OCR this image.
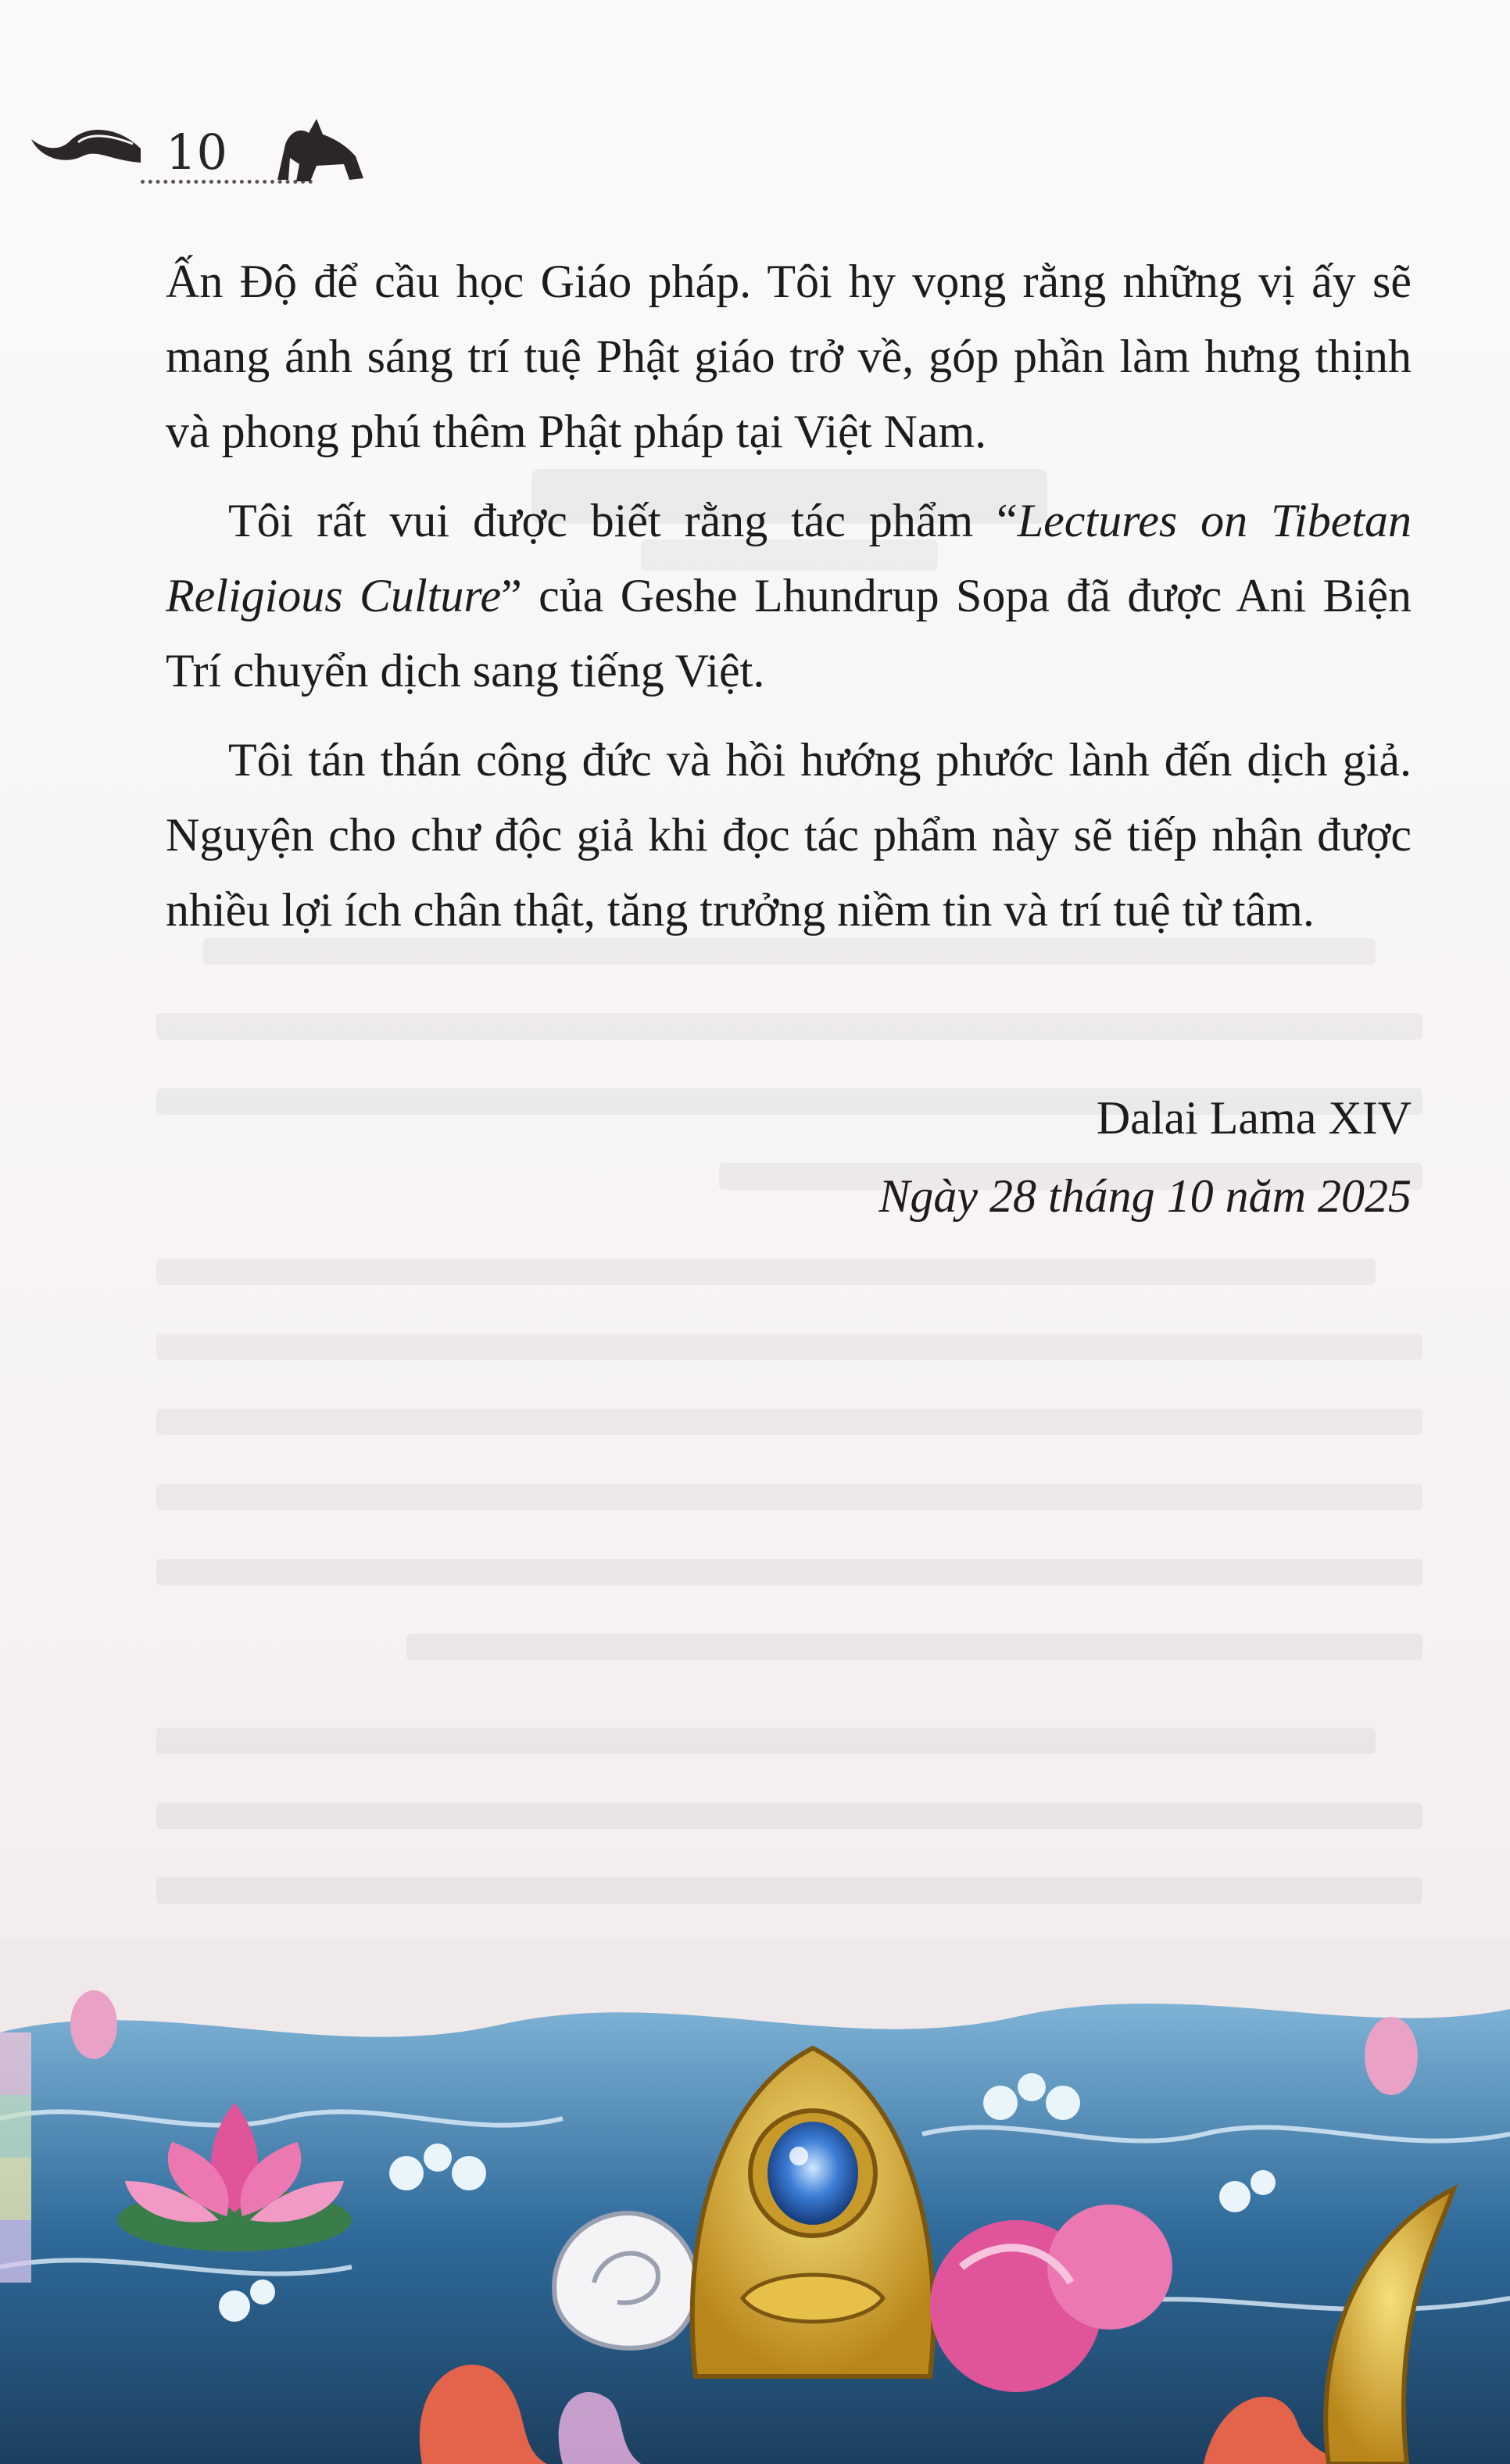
10

Ấn Độ để cầu học Giáo pháp. Tôi hy vọng rằng những vị ấy sẽ mang ánh sáng trí tuệ Phật giáo trở về, góp phần làm hưng thịnh và phong phú thêm Phật pháp tại Việt Nam.

Tôi rất vui được biết rằng tác phẩm “Lectures on Tibetan Religious Culture” của Geshe Lhundrup Sopa đã được Ani Biện Trí chuyển dịch sang tiếng Việt.

Tôi tán thán công đức và hồi hướng phước lành đến dịch giả. Nguyện cho chư độc giả khi đọc tác phẩm này sẽ tiếp nhận được nhiều lợi ích chân thật, tăng trưởng niềm tin và trí tuệ từ tâm.

Dalai Lama XIV
Ngày 28 tháng 10 năm 2025
